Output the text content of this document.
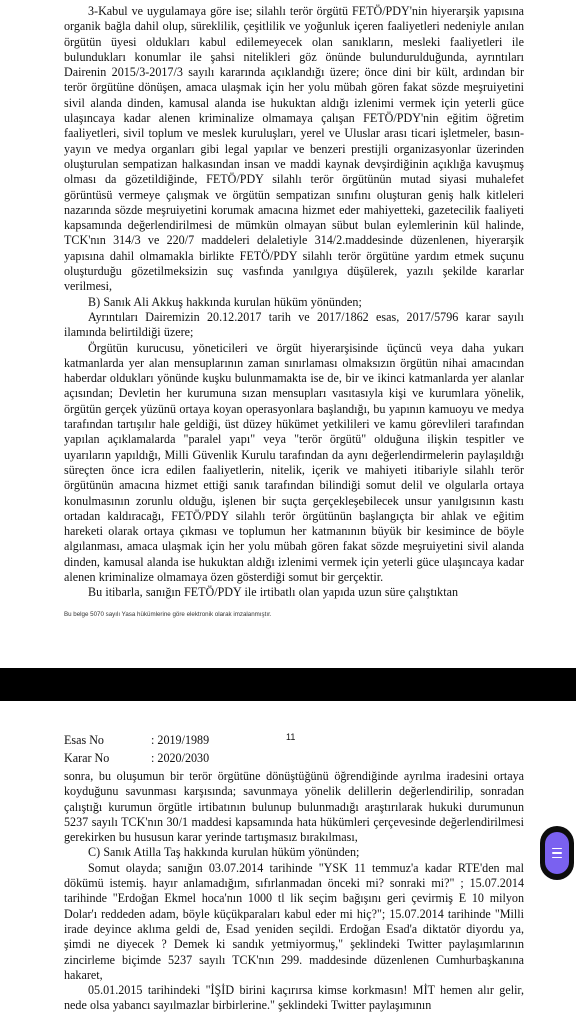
3-Kabul ve uygulamaya göre ise; silahlı terör örgütü FETÖ/PDY'nin hiyerarşik yapısına organik bağla dahil olup, süreklilik, çeşitlilik ve yoğunluk içeren faaliyetleri nedeniyle anılan örgütün üyesi oldukları kabul edilemeyecek olan sanıkların, mesleki faaliyetleri ile bulundukları konumlar ile şahsi nitelikleri göz önünde bulundurulduğunda, ayrıntıları Dairenin 2015/3-2017/3 sayılı kararında açıklandığı üzere; önce dini bir kült, ardından bir terör örgütüne dönüşen, amaca ulaşmak için her yolu mübah gören fakat sözde meşruiyetini sivil alanda dinden, kamusal alanda ise hukuktan aldığı izlenimi vermek için yeterli güce ulaşıncaya kadar alenen kriminalize olmamaya çalışan FETÖ/PDY'nin eğitim öğretim faaliyetleri, sivil toplum ve meslek kuruluşları, yerel ve Uluslar arası ticari işletmeler, basın-yayın ve medya organları gibi legal yapılar ve benzeri prestijli organizasyonlar üzerinden oluşturulan sempatizan halkasından insan ve maddi kaynak devşirdiğinin açıklığa kavuşmuş olması da gözetildiğinde, FETÖ/PDY silahlı terör örgütünün mutad siyasi muhalefet görüntüsü vermeye çalışmak ve örgütün sempatizan sınıfını oluşturan geniş halk kitleleri nazarında sözde meşruiyetini korumak amacına hizmet eder mahiyetteki, gazetecilik faaliyeti kapsamında değerlendirilmesi de mümkün olmayan sübut bulan eylemlerinin kül halinde, TCK'nın 314/3 ve 220/7 maddeleri delaletiyle 314/2.maddesinde düzenlenen, hiyerarşik yapısına dahil olmamakla birlikte FETÖ/PDY silahlı terör örgütüne yardım etmek suçunu oluşturduğu gözetilmeksizin suç vasfında yanılgıya düşülerek, yazılı şekilde kararlar verilmesi,

B) Sanık Ali Akkuş hakkında kurulan hüküm yönünden;

Ayrıntıları Dairemizin 20.12.2017 tarih ve 2017/1862 esas, 2017/5796 karar sayılı ilamında belirtildiği üzere;

Örgütün kurucusu, yöneticileri ve örgüt hiyerarşisinde üçüncü veya daha yukarı katmanlarda yer alan mensuplarının zaman sınırlaması olmaksızın örgütün nihai amacından haberdar oldukları yönünde kuşku bulunmamakta ise de, bir ve ikinci katmanlarda yer alanlar açısından; Devletin her kurumuna sızan mensupları vasıtasıyla kişi ve kurumlara yönelik, örgütün gerçek yüzünü ortaya koyan operasyonlara başlandığı, bu yapının kamuoyu ve medya tarafından tartışılır hale geldiği, üst düzey hükümet yetkilileri ve kamu görevlileri tarafından yapılan açıklamalarda "paralel yapı" veya "terör örgütü" olduğuna ilişkin tespitler ve uyarıların yapıldığı, Milli Güvenlik Kurulu tarafından da aynı değerlendirmelerin paylaşıldığı süreçten önce icra edilen faaliyetlerin, nitelik, içerik ve mahiyeti itibariyle silahlı terör örgütünün amacına hizmet ettiği sanık tarafından bilindiği somut delil ve olgularla ortaya konulmasının zorunlu olduğu, işlenen bir suçta gerçekleşebilecek unsur yanılgısının kastı ortadan kaldıracağı, FETÖ/PDY silahlı terör örgütünün başlangıçta bir ahlak ve eğitim hareketi olarak ortaya çıkması ve toplumun her katmanının büyük bir kesimince de böyle algılanması, amaca ulaşmak için her yolu mübah gören fakat sözde meşruiyetini sivil alanda dinden, kamusal alanda ise hukuktan aldığı izlenimi vermek için yeterli güce ulaşıncaya kadar alenen kriminalize olmamaya özen gösterdiği somut bir gerçektir.

Bu itibarla, sanığın FETÖ/PDY ile irtibatlı olan yapıda uzun süre çalıştıktan

Bu belge 5070 sayılı Yasa hükümlerine göre elektronik olarak imzalanmıştır.

Esas No	: 2019/1989	11
Karar No	: 2020/2030

sonra, bu oluşumun bir terör örgütüne dönüştüğünü öğrendiğinde ayrılma iradesini ortaya koyduğunu savunması karşısında; savunmaya yönelik delillerin değerlendirilip, sonradan çalıştığı kurumun örgütle irtibatının bulunup bulunmadığı araştırılarak hukuki durumunun 5237 sayılı TCK'nın 30/1 maddesi kapsamında hata hükümleri çerçevesinde değerlendirilmesi gerekirken bu hususun karar yerinde tartışmasız bırakılması,

C) Sanık Atilla Taş hakkında kurulan hüküm yönünden;

Somut olayda; sanığın 03.07.2014 tarihinde "YSK 11 temmuz'a kadar RTE'den mal dökümü istemiş. hayır anlamadığım, sıfırlanmadan önceki mi? sonraki mi?" ; 15.07.2014 tarihinde "Erdoğan Ekmel hoca'nın 1000 tl lik seçim bağışını geri çevirmiş E 10 milyon Dolar'ı reddeden adam, böyle küçükparaları kabul eder mi hiç?"; 15.07.2014 tarihinde "Milli irade deyince aklıma geldi de, Esad yeniden seçildi. Erdoğan Esad'a diktatör diyordu ya, şimdi ne diyecek ? Demek ki sandık yetmiyormuş," şeklindeki Twitter paylaşımlarının zincirleme biçimde 5237 sayılı TCK'nın 299. maddesinde düzenlenen Cumhurbaşkanına hakaret,

05.01.2015 tarihindeki "İŞİD birini kaçırırsa kimse korkmasın! MİT hemen alır gelir, nede olsa yabancı sayılmazlar birbirlerine." şeklindeki Twitter paylaşımının
